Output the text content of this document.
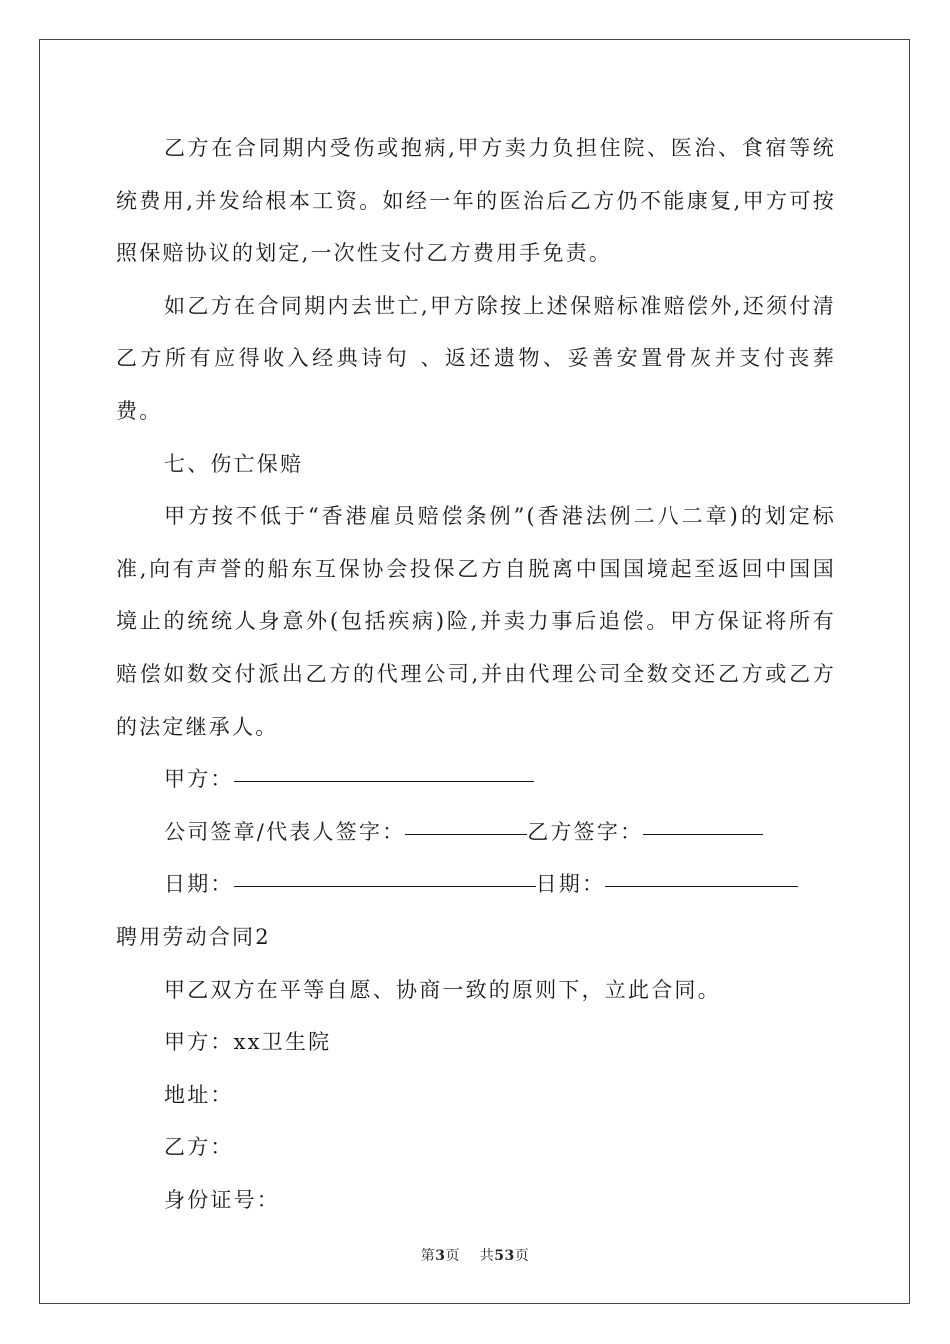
乙方在合同期内受伤或抱病,甲方卖力负担住院、医治、食宿等统统费用,并发给根本工资。如经一年的医治后乙方仍不能康复,甲方可按照保赔协议的划定,一次性支付乙方费用手免责。

如乙方在合同期内去世亡,甲方除按上述保赔标准赔偿外,还须付清乙方所有应得收入经典诗句 、返还遗物、妥善安置骨灰并支付丧葬费。

七、伤亡保赔

甲方按不低于“香港雇员赔偿条例”(香港法例二八二章)的划定标准,向有声誉的船东互保协会投保乙方自脱离中国国境起至返回中国国境止的统统人身意外(包括疾病)险,并卖力事后追偿。甲方保证将所有赔偿如数交付派出乙方的代理公司,并由代理公司全数交还乙方或乙方的法定继承人。

甲方：
公司签章/代表人签字：	乙方签字：
日期：	日期：

聘用劳动合同2

甲乙双方在平等自愿、协商一致的原则下，立此合同。

甲方：xx卫生院

地址：

乙方：

身份证号：

第3页 共53页
